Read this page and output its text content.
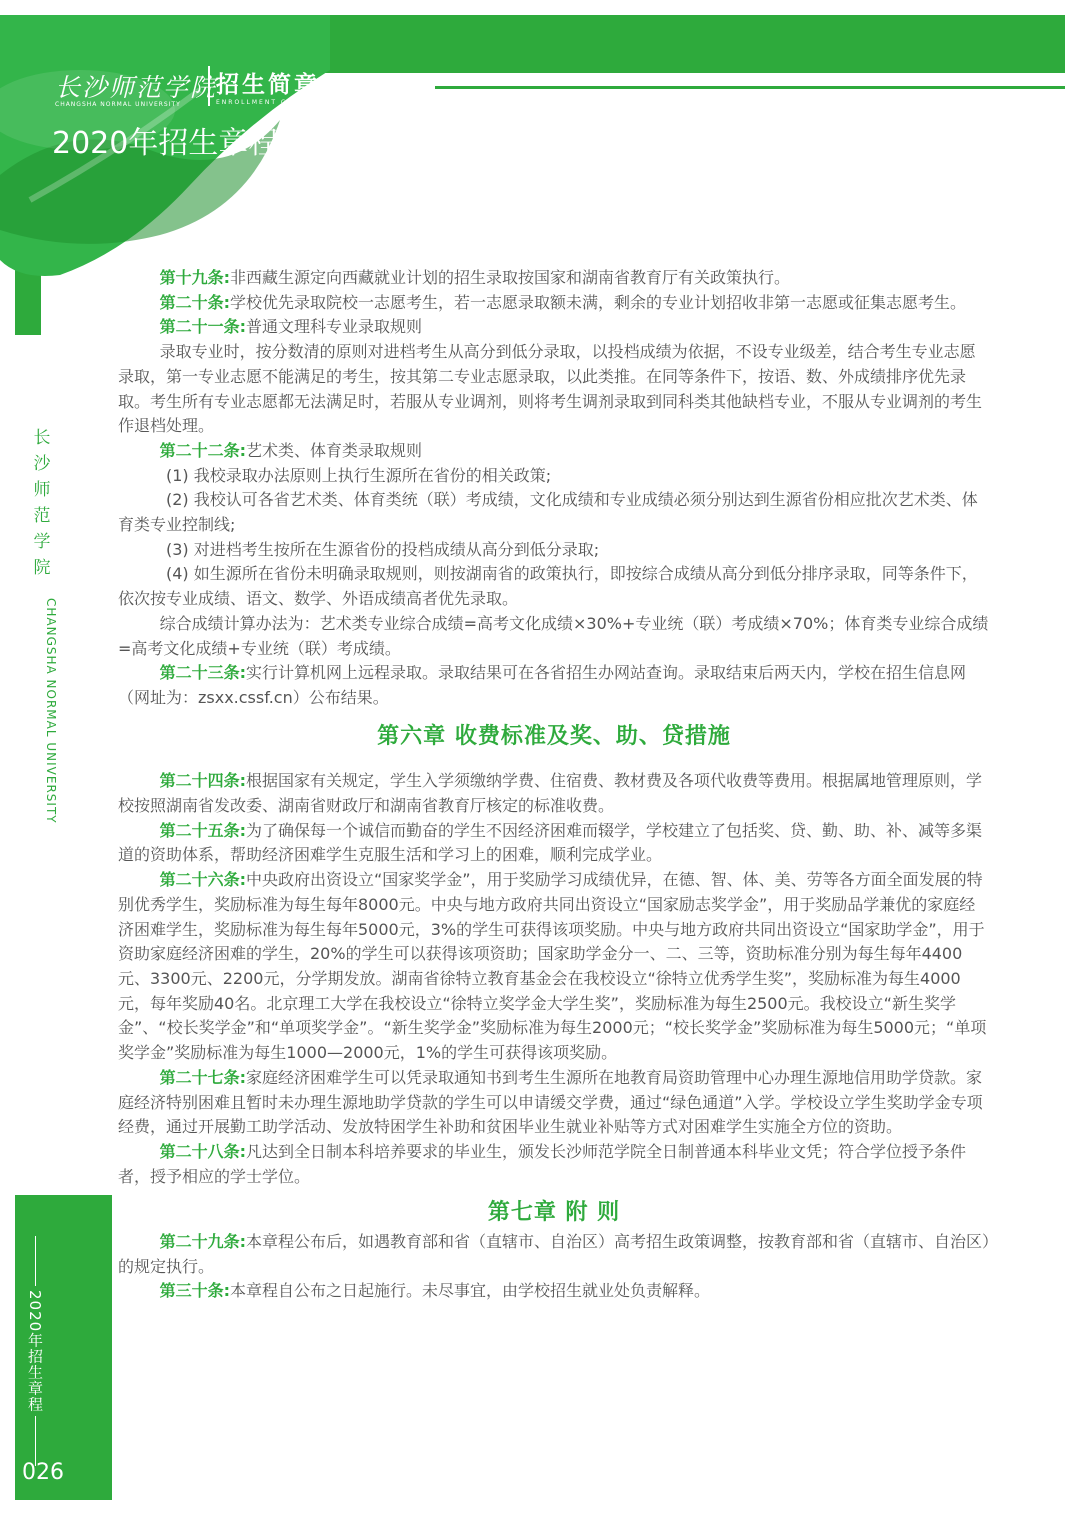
长沙师范学院
CHANGSHA NORMAL UNIVERSITY
招生简章
ENROLLMENT GUIDE
2020年招生章程
长沙师范学院
CHANGSHA NORMAL UNIVERSITY
2020年招生章程
026

第十九条:非西藏生源定向西藏就业计划的招生录取按国家和湖南省教育厅有关政策执行。

第二十条:学校优先录取院校一志愿考生，若一志愿录取额未满，剩余的专业计划招收非第一志愿或征集志愿考生。

第二十一条:普通文理科专业录取规则

录取专业时，按分数清的原则对进档考生从高分到低分录取，以投档成绩为依据，不设专业级差，结合考生专业志愿录取，第一专业志愿不能满足的考生，按其第二专业志愿录取，以此类推。在同等条件下，按语、数、外成绩排序优先录取。考生所有专业志愿都无法满足时，若服从专业调剂，则将考生调剂录取到同科类其他缺档专业，不服从专业调剂的考生作退档处理。

第二十二条:艺术类、体育类录取规则

(1) 我校录取办法原则上执行生源所在省份的相关政策;

(2) 我校认可各省艺术类、体育类统（联）考成绩，文化成绩和专业成绩必须分别达到生源省份相应批次艺术类、体育类专业控制线;

(3) 对进档考生按所在生源省份的投档成绩从高分到低分录取;

(4) 如生源所在省份未明确录取规则，则按湖南省的政策执行，即按综合成绩从高分到低分排序录取，同等条件下，依次按专业成绩、语文、数学、外语成绩高者优先录取。

综合成绩计算办法为：艺术类专业综合成绩=高考文化成绩×30%+专业统（联）考成绩×70%；体育类专业综合成绩=高考文化成绩+专业统（联）考成绩。

第二十三条:实行计算机网上远程录取。录取结果可在各省招生办网站查询。录取结束后两天内，学校在招生信息网（网址为：zsxx.cssf.cn）公布结果。

第六章 收费标准及奖、助、贷措施

第二十四条:根据国家有关规定，学生入学须缴纳学费、住宿费、教材费及各项代收费等费用。根据属地管理原则，学校按照湖南省发改委、湖南省财政厅和湖南省教育厅核定的标准收费。

第二十五条:为了确保每一个诚信而勤奋的学生不因经济困难而辍学，学校建立了包括奖、贷、勤、助、补、减等多渠道的资助体系，帮助经济困难学生克服生活和学习上的困难，顺利完成学业。

第二十六条:中央政府出资设立“国家奖学金”，用于奖励学习成绩优异，在德、智、体、美、劳等各方面全面发展的特别优秀学生，奖励标准为每生每年8000元。中央与地方政府共同出资设立“国家励志奖学金”，用于奖励品学兼优的家庭经济困难学生，奖励标准为每生每年5000元，3%的学生可获得该项奖励。中央与地方政府共同出资设立“国家助学金”，用于资助家庭经济困难的学生，20%的学生可以获得该项资助；国家助学金分一、二、三等，资助标准分别为每生每年4400元、3300元、2200元，分学期发放。湖南省徐特立教育基金会在我校设立“徐特立优秀学生奖”，奖励标准为每生4000元，每年奖励40名。北京理工大学在我校设立“徐特立奖学金大学生奖”，奖励标准为每生2500元。我校设立“新生奖学金”、“校长奖学金”和“单项奖学金”。“新生奖学金”奖励标准为每生2000元；“校长奖学金”奖励标准为每生5000元；“单项奖学金”奖励标准为每生1000—2000元，1%的学生可获得该项奖励。

第二十七条:家庭经济困难学生可以凭录取通知书到考生生源所在地教育局资助管理中心办理生源地信用助学贷款。家庭经济特别困难且暂时未办理生源地助学贷款的学生可以申请缓交学费，通过“绿色通道”入学。学校设立学生奖助学金专项经费，通过开展勤工助学活动、发放特困学生补助和贫困毕业生就业补贴等方式对困难学生实施全方位的资助。

第二十八条:凡达到全日制本科培养要求的毕业生，颁发长沙师范学院全日制普通本科毕业文凭；符合学位授予条件者，授予相应的学士学位。

第七章 附 则

第二十九条:本章程公布后，如遇教育部和省（直辖市、自治区）高考招生政策调整，按教育部和省（直辖市、自治区）的规定执行。

第三十条:本章程自公布之日起施行。未尽事宜，由学校招生就业处负责解释。
